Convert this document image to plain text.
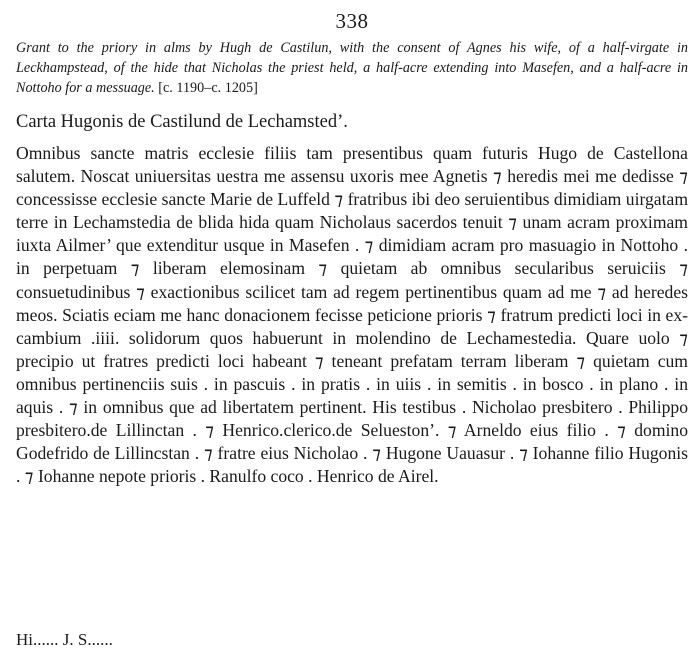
338

Grant to the priory in alms by Hugh de Castilun, with the consent of Agnes his wife, of a half-virgate in Leckhampstead, of the hide that Nicholas the priest held, a half-acre extending into Masefen, and a half-acre in Nottoho for a messuage. [c. 1190–c. 1205]

Carta Hugonis de Castilund de Lechamsted’.

Omnibus sancte matris ecclesie filiis tam presentibus quam futuris Hugo de Castellona salutem. Noscat uniuersitas uestra me assensu uxoris mee Agnetis ⁊ heredis mei me dedisse ⁊ concessisse ecclesie sancte Marie de Luffeld ⁊ fratribus ibi deo seruientibus dimidiam uirgatam terre in Lechamstedia de blida hida quam Nicholaus sacerdos tenuit ⁊ unam acram proximam iuxta Ailmer’ que extenditur usque in Masefen . ⁊ dimidiam acram pro masuagio in Nottoho . in perpetuam ⁊ liberam elemosinam ⁊ quietam ab omnibus secularibus seruiciis ⁊ consuetudinibus ⁊ exactionibus scilicet tam ad regem pertinentibus quam ad me ⁊ ad heredes meos. Sciatis eciam me hanc donacionem fecisse peticione prioris ⁊ fratrum predicti loci in excambium .iiii. solidorum quos habuerunt in molendino de Lechamestedia. Quare uolo ⁊ precipio ut fratres predicti loci habeant ⁊ teneant prefatam terram liberam ⁊ quietam cum omnibus pertinenciis suis . in pascuis . in pratis . in uiis . in semitis . in bosco . in plano . in aquis . ⁊ in omnibus que ad libertatem pertinent. His testibus . Nicholao presbitero . Philippo presbitero.de Lillinctan . ⁊ Henrico.clerico.de Selueston’. ⁊ Arneldo eius filio . ⁊ domino Godefrido de Lillincstan . ⁊ fratre eius Nicholao . ⁊ Hugone Uauasur . ⁊ Iohanne filio Hugonis . ⁊ Iohanne nepote prioris . Ranulfo coco . Henrico de Airel.

Hi...... J. S......
